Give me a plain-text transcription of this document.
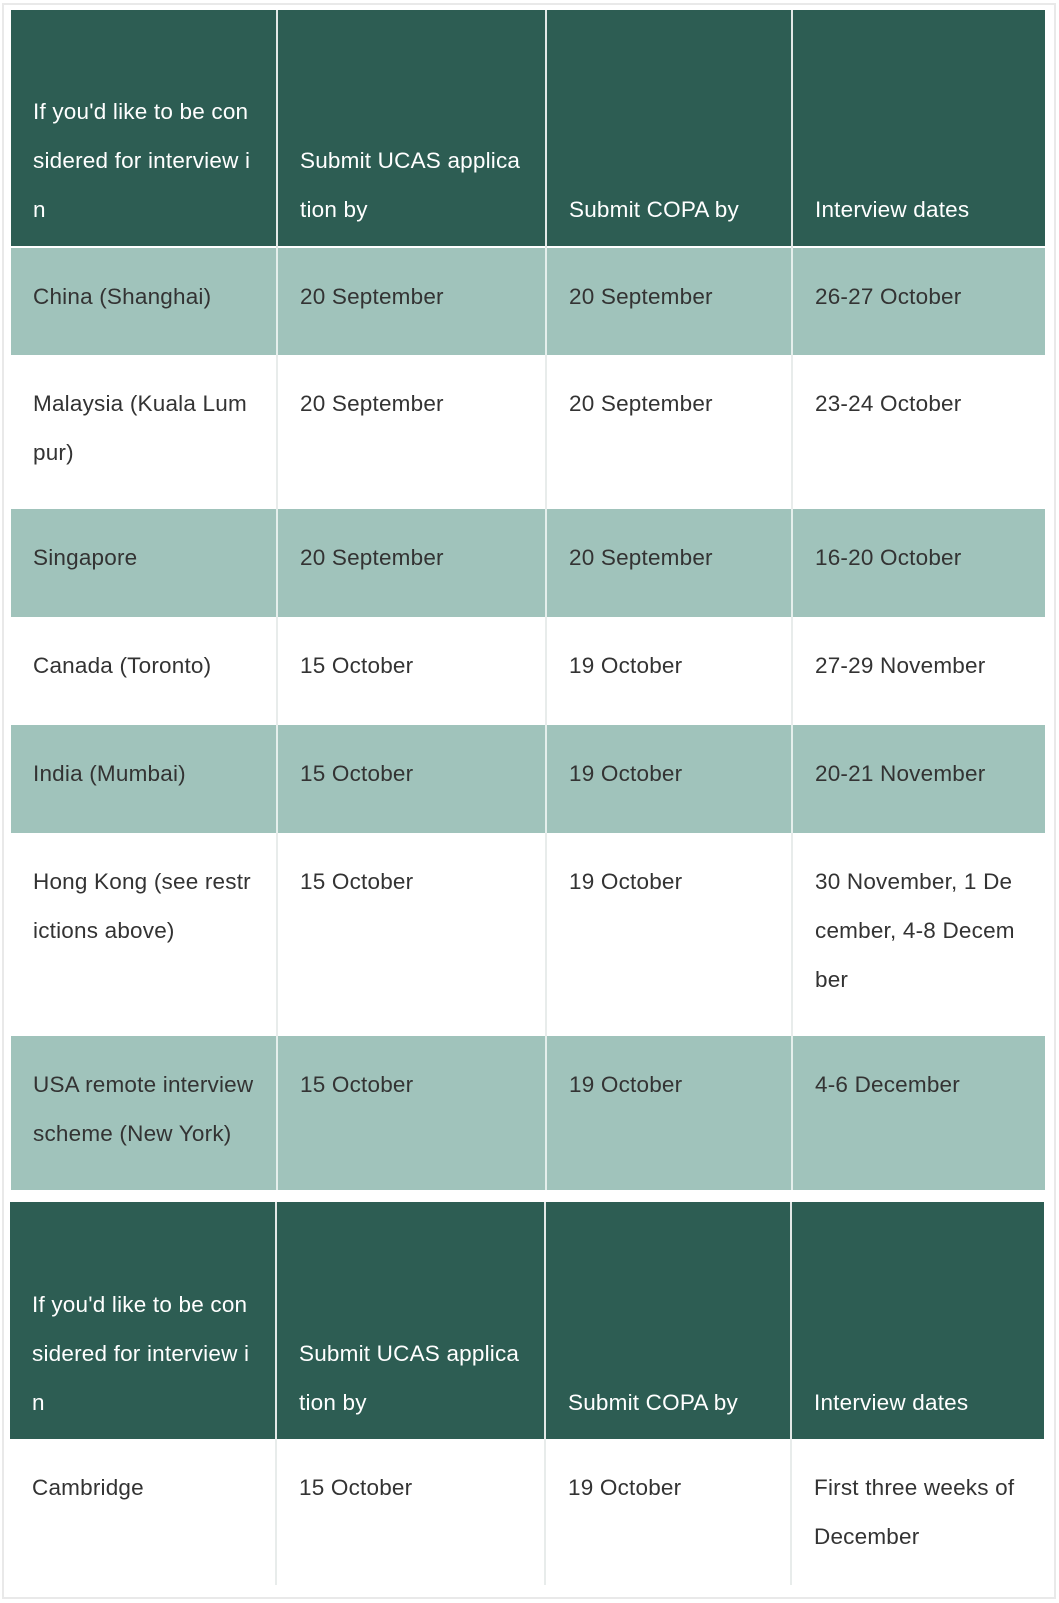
If you'd like to be considered for interview in	Submit UCAS application by	Submit COPA by	Interview dates
China (Shanghai)	20 September	20 September	26-27 October
Malaysia (Kuala Lumpur)	20 September	20 September	23-24 October
Singapore	20 September	20 September	16-20 October
Canada (Toronto)	15 October	19 October	27-29 November
India (Mumbai)	15 October	19 October	20-21 November
Hong Kong (see restrictions above)	15 October	19 October	30 November, 1 December, 4-8 December
USA remote interview scheme (New York)	15 October	19 October	4-6 December
If you'd like to be considered for interview in	Submit UCAS application by	Submit COPA by	Interview dates
Cambridge	15 October	19 October	First three weeks of December
